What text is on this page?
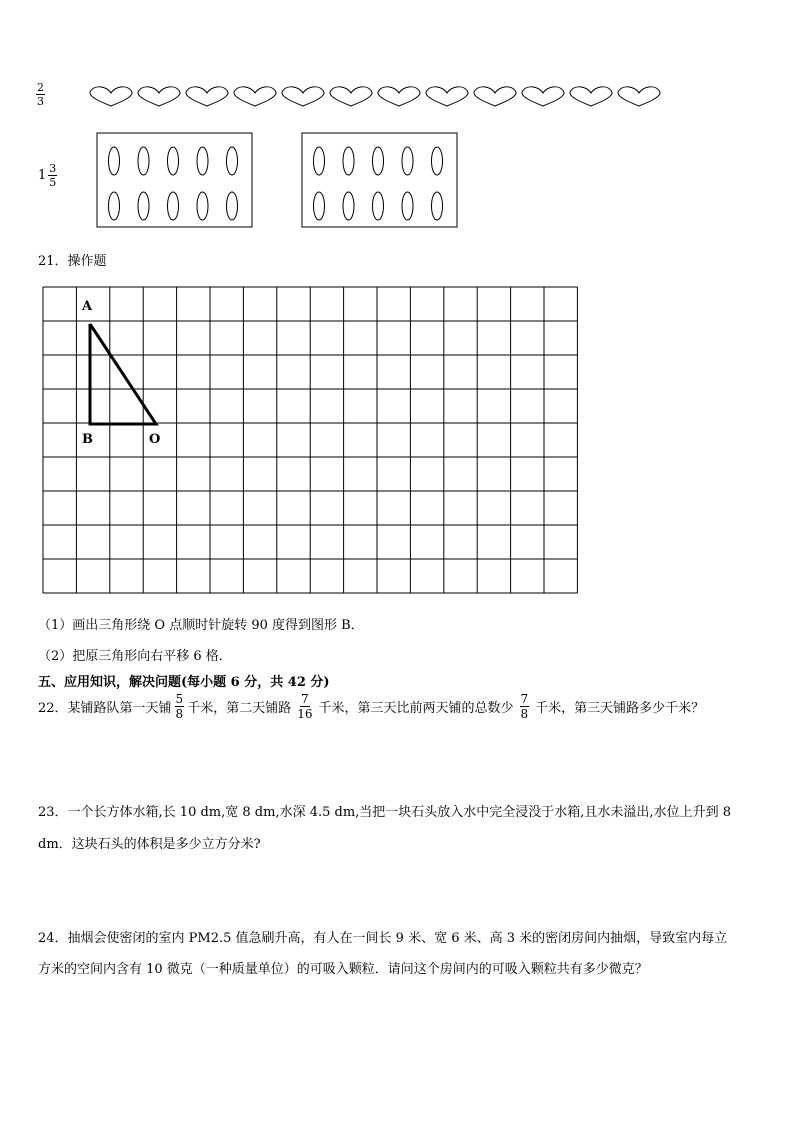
$\frac{2}{3}$
$1 \frac{3}{5}$
21．操作题
A
B	O
（1）画出三角形绕 O 点顺时针旋转 90 度得到图形 B．
（2）把原三角形向右平移 6 格．
五、应用知识，解决问题(每小题 6 分，共 42 分)
22．某铺路队第一天铺 $\frac{5}{8}$ 千米，第二天铺路 $\frac{7}{16}$ 千米，第三天比前两天铺的总数少 $\frac{7}{8}$ 千米，第三天铺路多少千米？
23．一个长方体水箱,长 10 dm,宽 8 dm,水深 4.5 dm,当把一块石头放入水中完全浸没于水箱,且水未溢出,水位上升到 8
dm．这块石头的体积是多少立方分米?
24．抽烟会使密闭的室内 PM2.5 值急刷升高，有人在一间长 9 米、宽 6 米、高 3 米的密闭房间内抽烟，导致室内每立
方米的空间内含有 10 微克（一种质量单位）的可吸入颗粒．请问这个房间内的可吸入颗粒共有多少微克？
